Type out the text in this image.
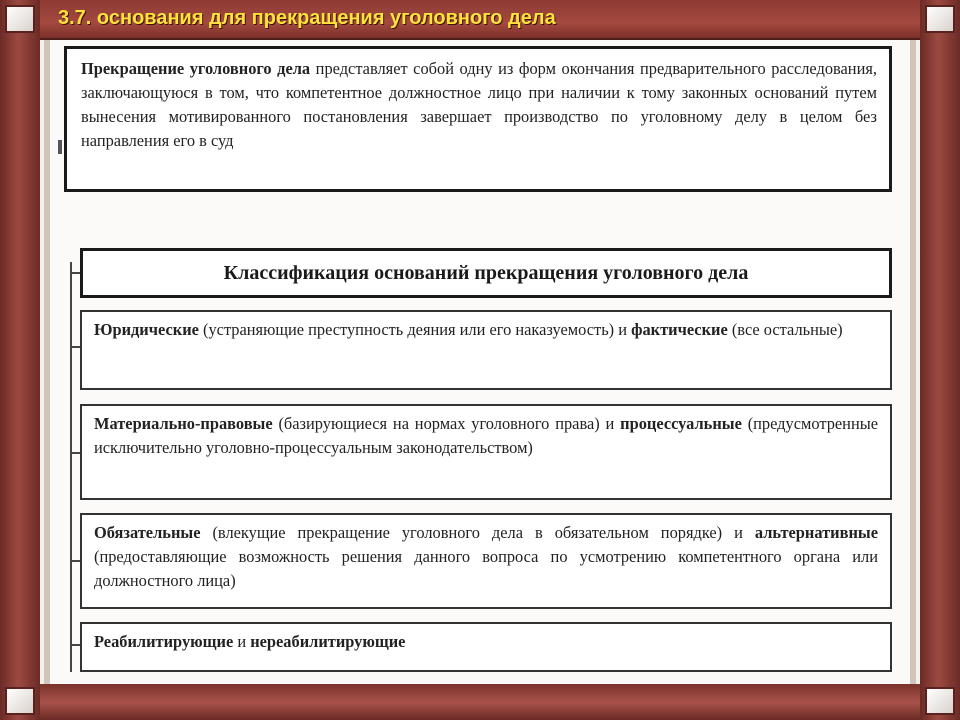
3.7. основания для прекращения уголовного дела
Прекращение уголовного дела представляет собой одну из форм окончания предварительного расследования, заключающуюся в том, что компетентное должностное лицо при наличии к тому законных оснований путем вынесения мотивированного постановления завершает производство по уголовному делу в целом без направления его в суд
Классификация оснований прекращения уголовного дела
Юридические (устраняющие преступность деяния или его наказуемость) и фактические (все остальные)
Материально-правовые (базирующиеся на нормах уголовного права) и процессуальные (предусмотренные исключительно уголовно-процессуальным законодательством)
Обязательные (влекущие прекращение уголовного дела в обязательном порядке) и альтернативные (предоставляющие возможность решения данного вопроса по усмотрению компетентного органа или должностного лица)
Реабилитирующие и нереабилитирующие
